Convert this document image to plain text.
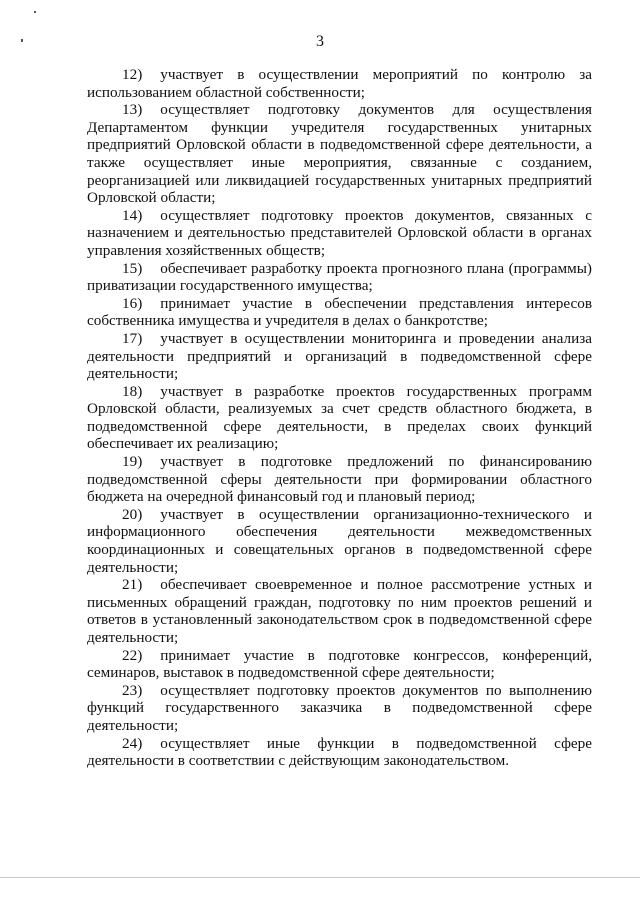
3

12) участвует в осуществлении мероприятий по контролю за использованием областной собственности;

13) осуществляет подготовку документов для осуществления Департаментом функции учредителя государственных унитарных предприятий Орловской области в подведомственной сфере деятельности, а также осуществляет иные мероприятия, связанные с созданием, реорганизацией или ликвидацией государственных унитарных предприятий Орловской области;

14) осуществляет подготовку проектов документов, связанных с назначением и деятельностью представителей Орловской области в органах управления хозяйственных обществ;

15) обеспечивает разработку проекта прогнозного плана (программы) приватизации государственного имущества;

16) принимает участие в обеспечении представления интересов собственника имущества и учредителя в делах о банкротстве;

17) участвует в осуществлении мониторинга и проведении анализа деятельности предприятий и организаций в подведомственной сфере деятельности;

18) участвует в разработке проектов государственных программ Орловской области, реализуемых за счет средств областного бюджета, в подведомственной сфере деятельности, в пределах своих функций обеспечивает их реализацию;

19) участвует в подготовке предложений по финансированию подведомственной сферы деятельности при формировании областного бюджета на очередной финансовый год и плановый период;

20) участвует в осуществлении организационно-технического и информационного обеспечения деятельности межведомственных координационных и совещательных органов в подведомственной сфере деятельности;

21) обеспечивает своевременное и полное рассмотрение устных и письменных обращений граждан, подготовку по ним проектов решений и ответов в установленный законодательством срок в подведомственной сфере деятельности;

22) принимает участие в подготовке конгрессов, конференций, семинаров, выставок в подведомственной сфере деятельности;

23) осуществляет подготовку проектов документов по выполнению функций государственного заказчика в подведомственной сфере деятельности;

24) осуществляет иные функции в подведомственной сфере деятельности в соответствии с действующим законодательством.
